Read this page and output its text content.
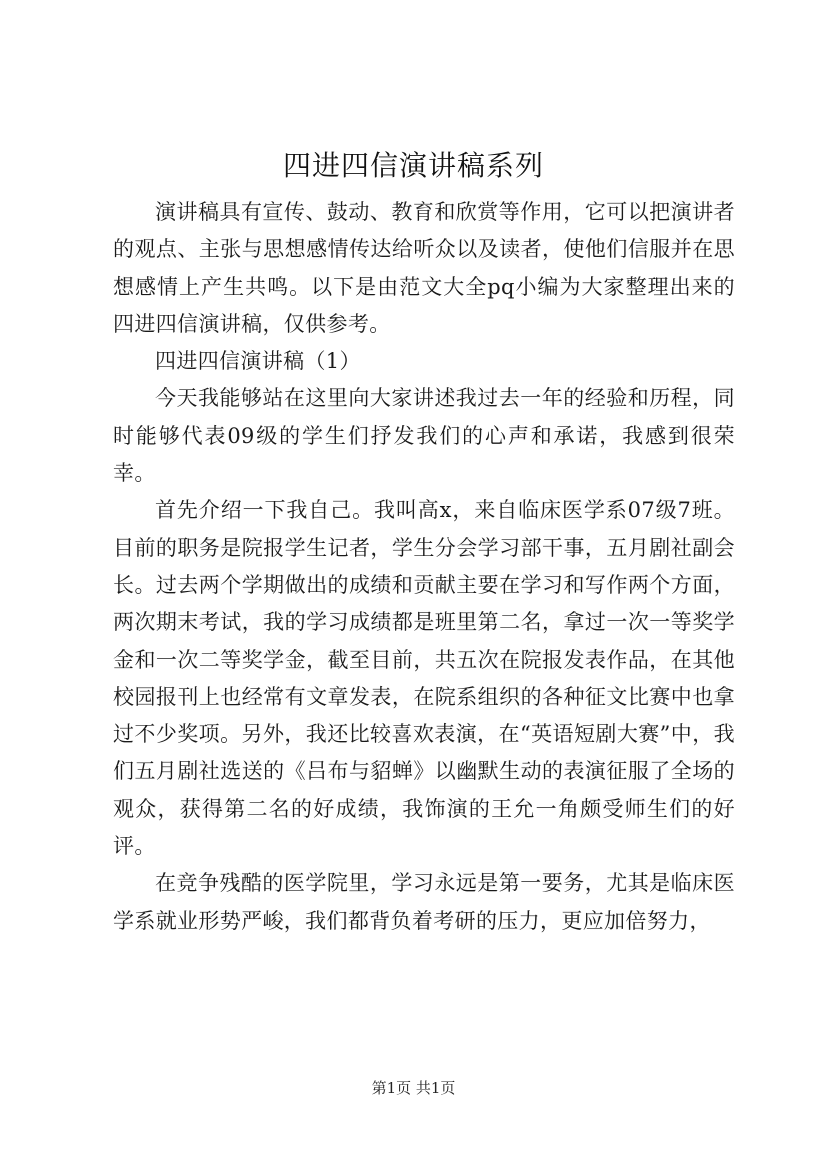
四进四信演讲稿系列

演讲稿具有宣传、鼓动、教育和欣赏等作用，它可以把演讲者的观点、主张与思想感情传达给听众以及读者，使他们信服并在思想感情上产生共鸣。以下是由范文大全pq小编为大家整理出来的四进四信演讲稿，仅供参考。

四进四信演讲稿（1）

今天我能够站在这里向大家讲述我过去一年的经验和历程，同时能够代表09级的学生们抒发我们的心声和承诺，我感到很荣幸。

首先介绍一下我自己。我叫高x，来自临床医学系07级7班。目前的职务是院报学生记者，学生分会学习部干事，五月剧社副会长。过去两个学期做出的成绩和贡献主要在学习和写作两个方面，两次期末考试，我的学习成绩都是班里第二名，拿过一次一等奖学金和一次二等奖学金，截至目前，共五次在院报发表作品，在其他校园报刊上也经常有文章发表，在院系组织的各种征文比赛中也拿过不少奖项。另外，我还比较喜欢表演，在“英语短剧大赛”中，我们五月剧社选送的《吕布与貂蝉》以幽默生动的表演征服了全场的观众，获得第二名的好成绩，我饰演的王允一角颇受师生们的好评。

在竞争残酷的医学院里，学习永远是第一要务，尤其是临床医学系就业形势严峻，我们都背负着考研的压力，更应加倍努力，

第1页 共1页
